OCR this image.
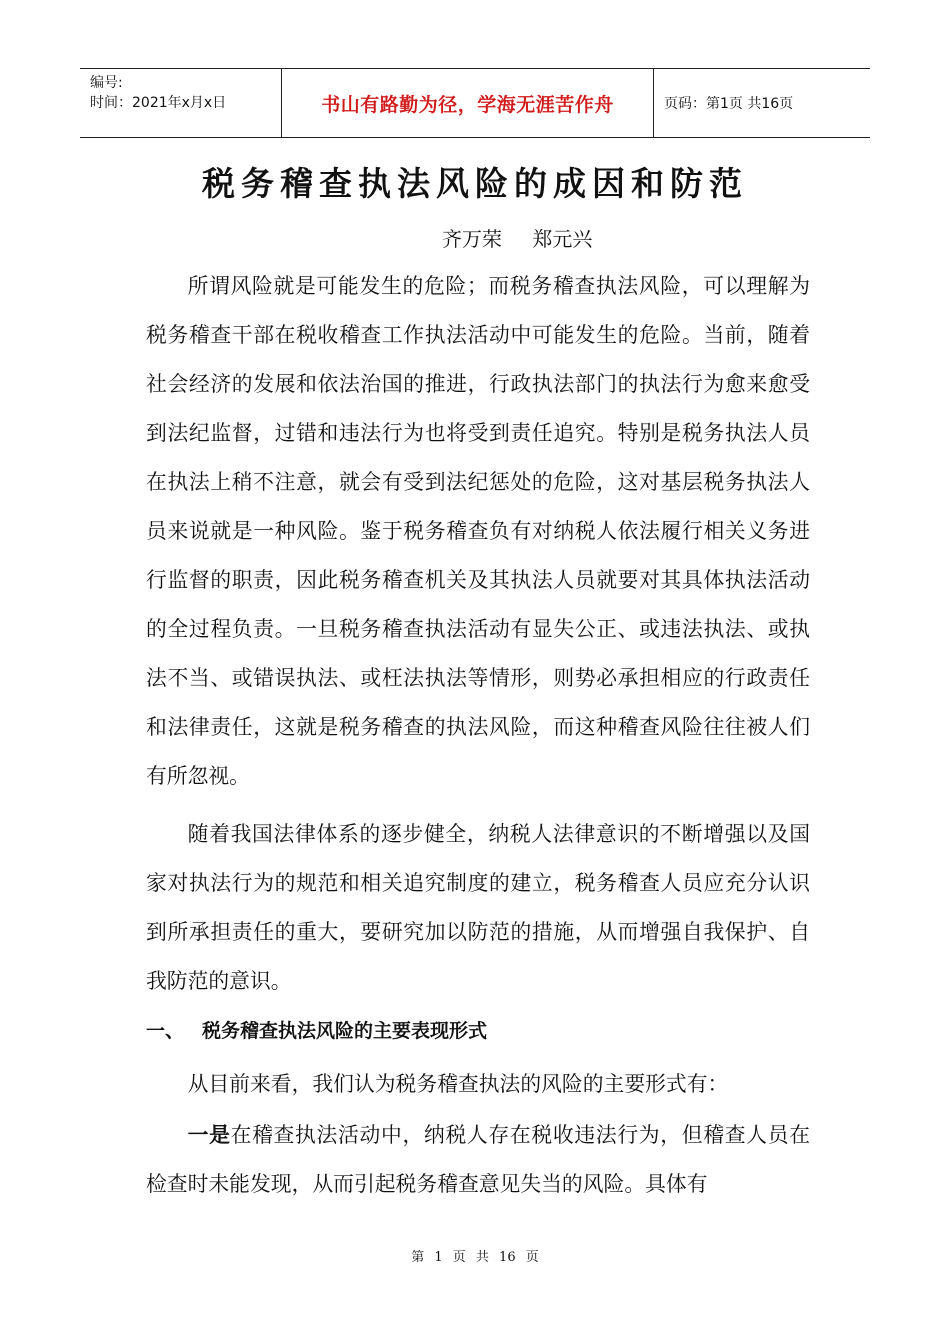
编号:
时间：2021年x月x日	书山有路勤为径，学海无涯苦作舟	页码：第1页 共16页
税务稽查执法风险的成因和防范
齐万荣 郑元兴

所谓风险就是可能发生的危险；而税务稽查执法风险，可以理解为税务稽查干部在税收稽查工作执法活动中可能发生的危险。当前，随着社会经济的发展和依法治国的推进，行政执法部门的执法行为愈来愈受到法纪监督，过错和违法行为也将受到责任追究。特别是税务执法人员在执法上稍不注意，就会有受到法纪惩处的危险，这对基层税务执法人员来说就是一种风险。鉴于税务稽查负有对纳税人依法履行相关义务进行监督的职责，因此税务稽查机关及其执法人员就要对其具体执法活动的全过程负责。一旦税务稽查执法活动有显失公正、或违法执法、或执法不当、或错误执法、或枉法执法等情形，则势必承担相应的行政责任和法律责任，这就是税务稽查的执法风险，而这种稽查风险往往被人们有所忽视。

随着我国法律体系的逐步健全，纳税人法律意识的不断增强以及国家对执法行为的规范和相关追究制度的建立，税务稽查人员应充分认识到所承担责任的重大，要研究加以防范的措施，从而增强自我保护、自我防范的意识。

一、 税务稽查执法风险的主要表现形式

从目前来看，我们认为税务稽查执法的风险的主要形式有：

一是在稽查执法活动中，纳税人存在税收违法行为，但稽查人员在检查时未能发现，从而引起税务稽查意见失当的风险。具体有

第 1 页 共 16 页
